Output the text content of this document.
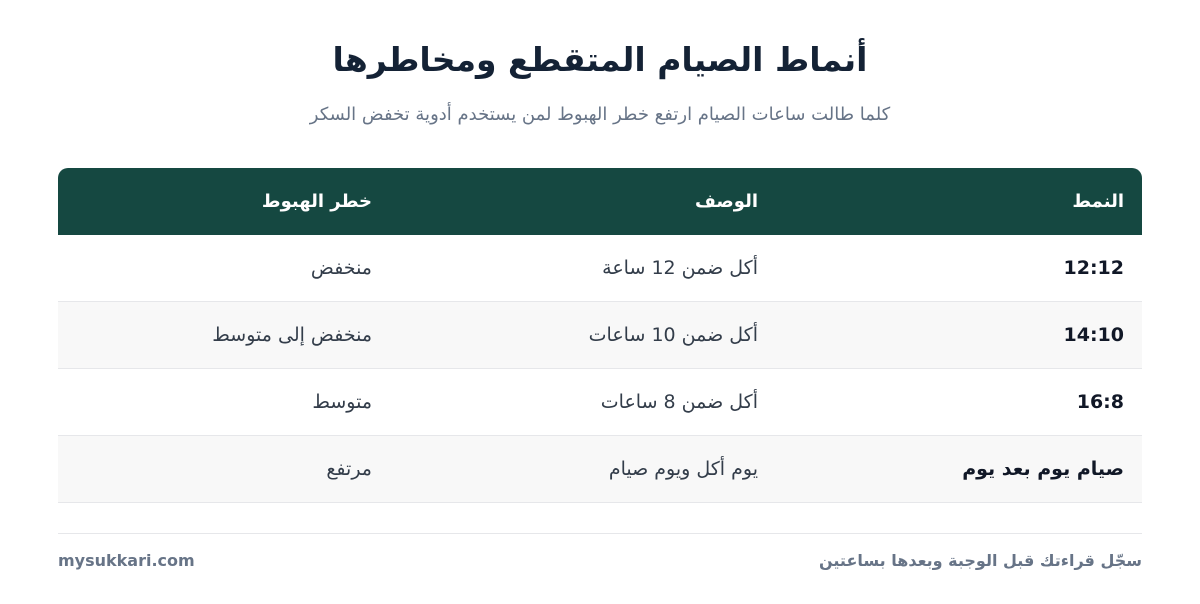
أنماط الصيام المتقطع ومخاطرها

كلما طالت ساعات الصيام ارتفع خطر الهبوط لمن يستخدم أدوية تخفض السكر

النمط
الوصف
خطر الهبوط
12:12
أكل ضمن 12 ساعة
منخفض
14:10
أكل ضمن 10 ساعات
منخفض إلى متوسط
16:8
أكل ضمن 8 ساعات
متوسط
صيام يوم بعد يوم
يوم أكل ويوم صيام
مرتفع
سجّل قراءتك قبل الوجبة وبعدها بساعتين
mysukkari.com
